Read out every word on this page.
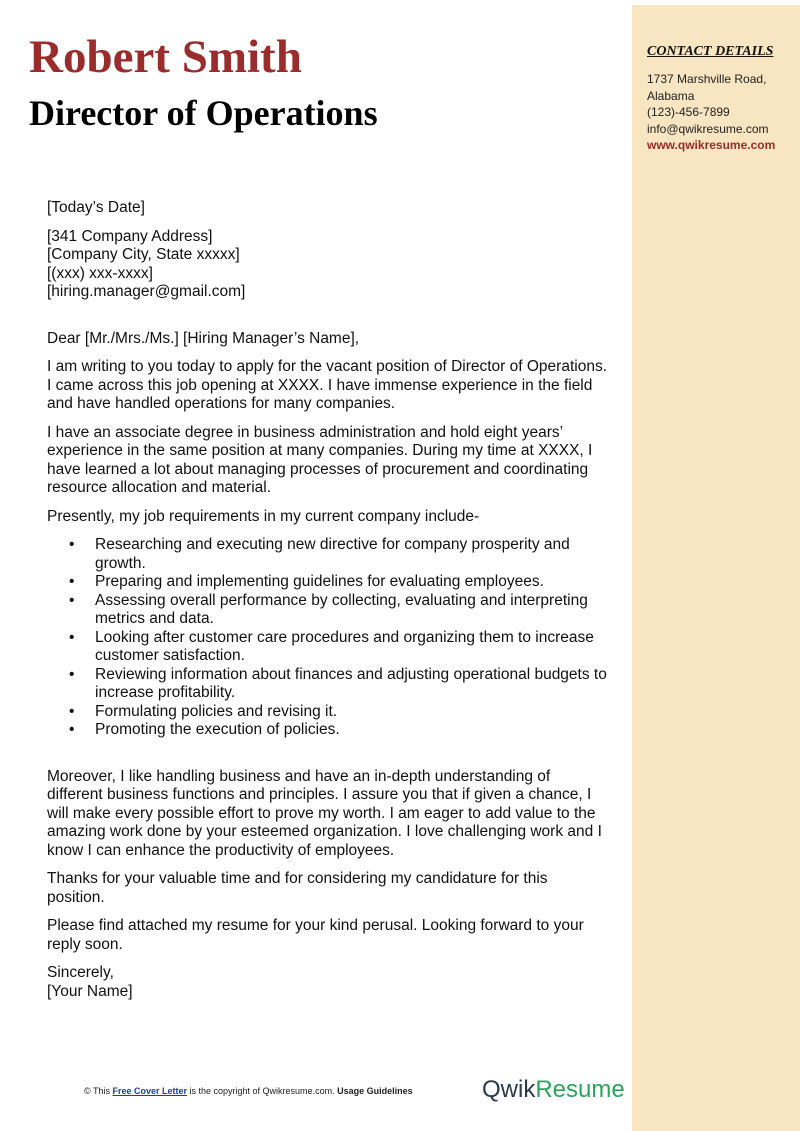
CONTACT DETAILS
1737 Marshville Road,
Alabama
(123)-456-7899
info@qwikresume.com
www.qwikresume.com
Robert Smith
Director of Operations
[Today’s Date]

[341 Company Address]

[Company City, State xxxxx]

[(xxx) xxx-xxxx]

[hiring.manager@gmail.com]

Dear [Mr./Mrs./Ms.] [Hiring Manager’s Name],
I am writing to you today to apply for the vacant position of Director of Operations. I came across this job opening at XXXX. I have immense experience in the field and have handled operations for many companies.
I have an associate degree in business administration and hold eight years’ experience in the same position at many companies. During my time at XXXX, I have learned a lot about managing processes of procurement and coordinating resource allocation and material.
Presently, my job requirements in my current company include-
• Researching and executing new directive for company prosperity and growth.
• Preparing and implementing guidelines for evaluating employees.
• Assessing overall performance by collecting, evaluating and interpreting metrics and data.
• Looking after customer care procedures and organizing them to increase customer satisfaction.
• Reviewing information about finances and adjusting operational budgets to increase profitability.
• Formulating policies and revising it.
• Promoting the execution of policies.
Moreover, I like handling business and have an in-depth understanding of different business functions and principles. I assure you that if given a chance, I will make every possible effort to prove my worth. I am eager to add value to the amazing work done by your esteemed organization. I love challenging work and I know I can enhance the productivity of employees.
Thanks for your valuable time and for considering my candidature for this position.
Please find attached my resume for your kind perusal. Looking forward to your reply soon.

Sincerely,

[Your Name]

© This Free Cover Letter is the copyright of Qwikresume.com. Usage Guidelines	QwikResume
